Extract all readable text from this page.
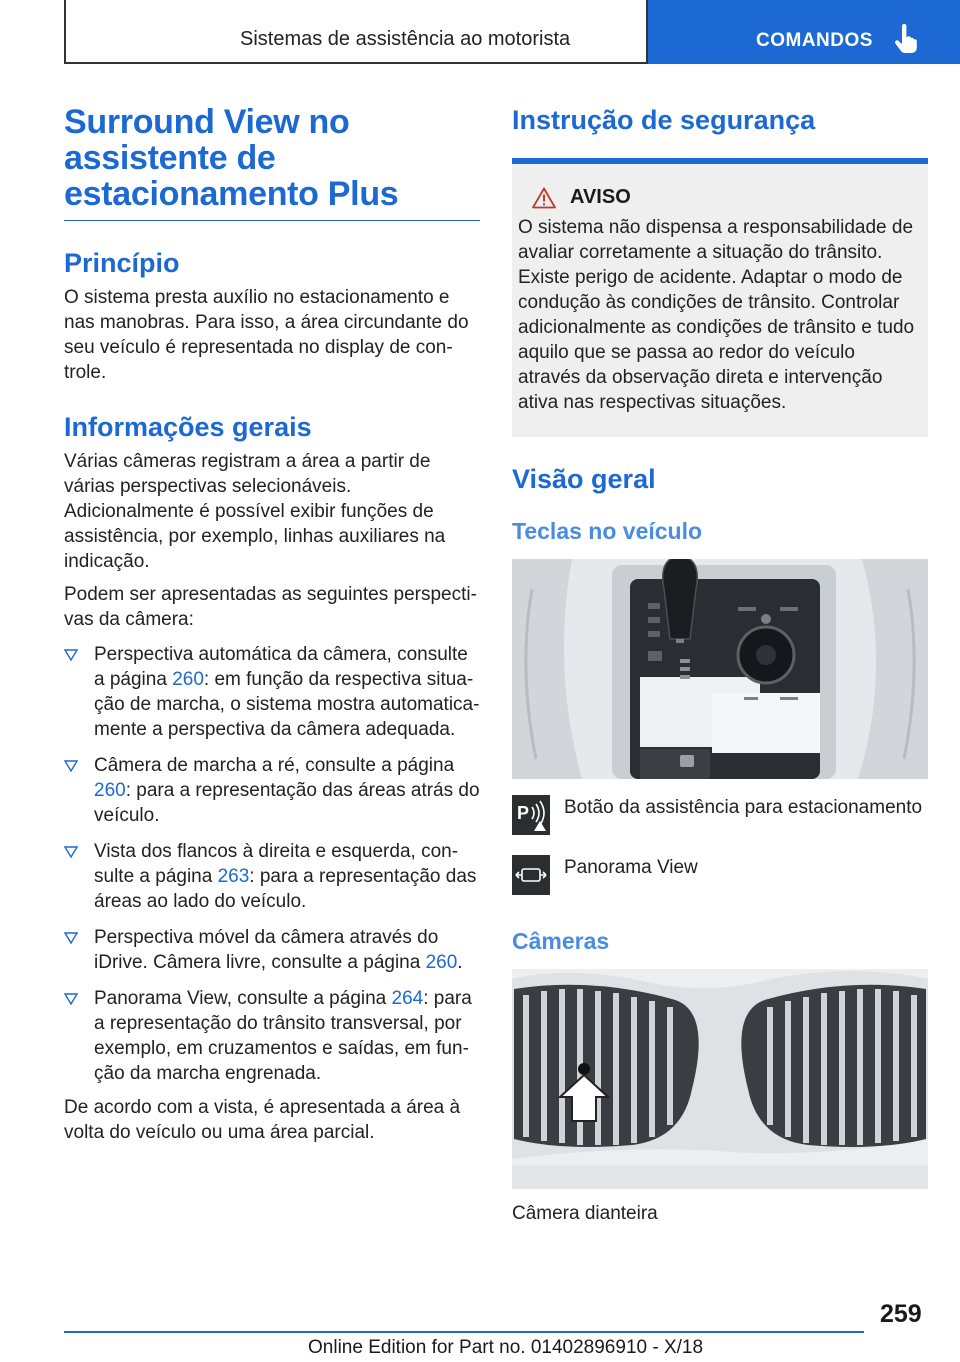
Sistemas de assistência ao motorista	COMANDOS
Surround View no assistente de estacionamento Plus
Princípio

O sistema presta auxílio no estacionamento e nas manobras. Para isso, a área circundante do seu veículo é representada no display de controle.

Informações gerais

Várias câmeras registram a área a partir de várias perspectivas selecionáveis. Adicionalmente é possível exibir funções de assistência, por exemplo, linhas auxiliares na indicação.

Podem ser apresentadas as seguintes perspectivas da câmera:

Perspectiva automática da câmera, consulte a página 260: em função da respectiva situação de marcha, o sistema mostra automaticamente a perspectiva da câmera adequada.
Câmera de marcha a ré, consulte a página 260: para a representação das áreas atrás do veículo.
Vista dos flancos à direita e esquerda, consulte a página 263: para a representação das áreas ao lado do veículo.
Perspectiva móvel da câmera através do iDrive. Câmera livre, consulte a página 260.
Panorama View, consulte a página 264: para a representação do trânsito transversal, por exemplo, em cruzamentos e saídas, em função da marcha engrenada.

De acordo com a vista, é apresentada a área à volta do veículo ou uma área parcial.

Instrução de segurança
AVISO

O sistema não dispensa a responsabilidade de avaliar corretamente a situação do trânsito. Existe perigo de acidente. Adaptar o modo de condução às condições de trânsito. Controlar adicionalmente as condições de trânsito e tudo aquilo que se passa ao redor do veículo através da observação direta e intervenção ativa nas respectivas situações.

Visão geral
Teclas no veículo
P Botão da assistência para estacionamento

Panorama View

Câmeras

Câmera dianteira

259
Online Edition for Part no. 01402896910 - X/18
